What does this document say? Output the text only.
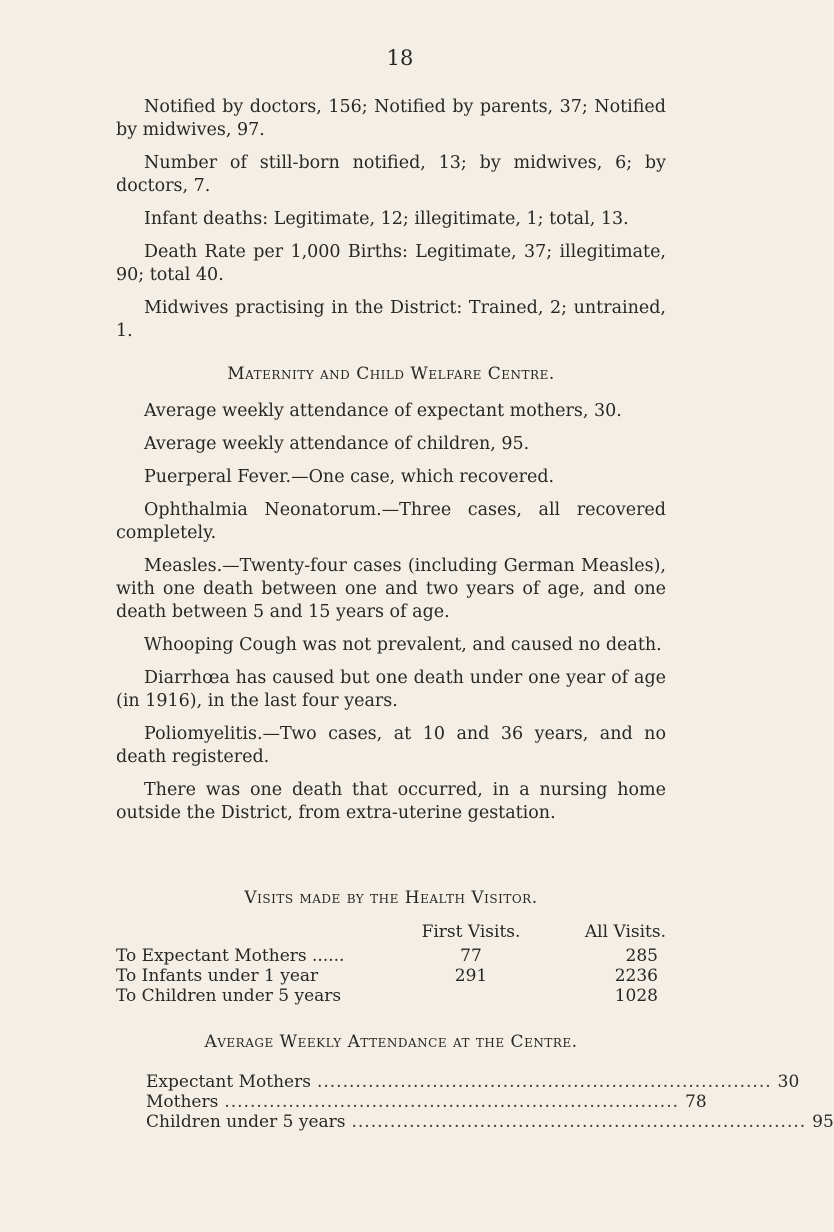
18

Notified by doctors, 156; Notified by parents, 37; Notified by midwives, 97.

Number of still-born notified, 13; by midwives, 6; by doctors, 7.

Infant deaths: Legitimate, 12; illegitimate, 1; total, 13.

Death Rate per 1,000 Births: Legitimate, 37; illegitimate, 90; total 40.

Midwives practising in the District: Trained, 2; untrained, 1.

Maternity and Child Welfare Centre.

Average weekly attendance of expectant mothers, 30.

Average weekly attendance of children, 95.

Puerperal Fever.—One case, which recovered.

Ophthalmia Neonatorum.—Three cases, all recovered completely.

Measles.—Twenty-four cases (including German Measles), with one death between one and two years of age, and one death between 5 and 15 years of age.

Whooping Cough was not prevalent, and caused no death.

Diarrhœa has caused but one death under one year of age (in 1916), in the last four years.

Poliomyelitis.—Two cases, at 10 and 36 years, and no death registered.

There was one death that occurred, in a nursing home outside the District, from extra-uterine gestation.

Visits made by the Health Visitor.
	First Visits.	All Visits.
To Expectant Mothers ......	77	285
To Infants under 1 year	291	2236
To Children under 5 years		1028
Average Weekly Attendance at the Centre.
Expectant Mothers ....................................................................... 30
Mothers ....................................................................... 78
Children under 5 years ....................................................................... 95
